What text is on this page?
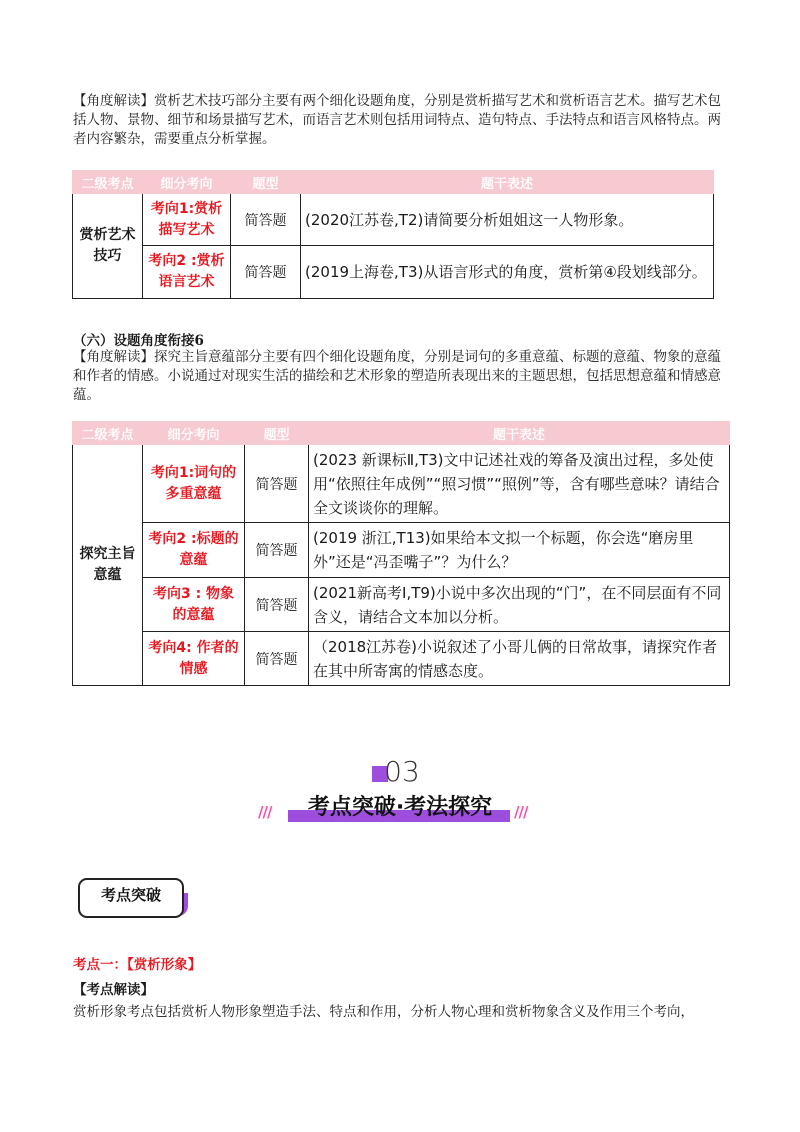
【角度解读】赏析艺术技巧部分主要有两个细化设题角度，分别是赏析描写艺术和赏析语言艺术。描写艺术包括人物、景物、细节和场景描写艺术，而语言艺术则包括用词特点、造句特点、手法特点和语言风格特点。两者内容繁杂，需要重点分析掌握。

二级考点	细分考向	题型	题干表述
赏析艺术技巧	考向1:赏析描写艺术	简答题	(2020江苏卷,T2)请简要分析姐姐这一人物形象。
	考向2 :赏析语言艺术	简答题	(2019上海卷,T3)从语言形式的角度，赏析第④段划线部分。
（六）设题角度衔接6

【角度解读】探究主旨意蕴部分主要有四个细化设题角度，分别是词句的多重意蕴、标题的意蕴、物象的意蕴和作者的情感。小说通过对现实生活的描绘和艺术形象的塑造所表现出来的主题思想，包括思想意蕴和情感意蕴。

二级考点	细分考向	题型	题干表述
探究主旨意蕴	考向1:词句的多重意蕴	简答题	(2023 新课标Ⅱ,T3)文中记述社戏的筹备及演出过程，多处使用“依照往年成例”“照习惯”“照例”等，含有哪些意味？请结合全文谈谈你的理解。
	考向2 :标题的意蕴	简答题	(2019 浙江,T13)如果给本文拟一个标题，你会选“磨房里外”还是“冯歪嘴子”？为什么？
	考向3 : 物象的意蕴	简答题	(2021新高考Ⅰ,T9)小说中多次出现的“门”，在不同层面有不同含义，请结合文本加以分析。
	考向4: 作者的情感	简答题	（2018江苏卷)小说叙述了小哥儿俩的日常故事，请探究作者在其中所寄寓的情感态度。
03
///	///
考点突破·考法探究
考点突破
考点一：【赏析形象】
【考点解读】

赏析形象考点包括赏析人物形象塑造手法、特点和作用，分析人物心理和赏析物象含义及作用三个考向，
